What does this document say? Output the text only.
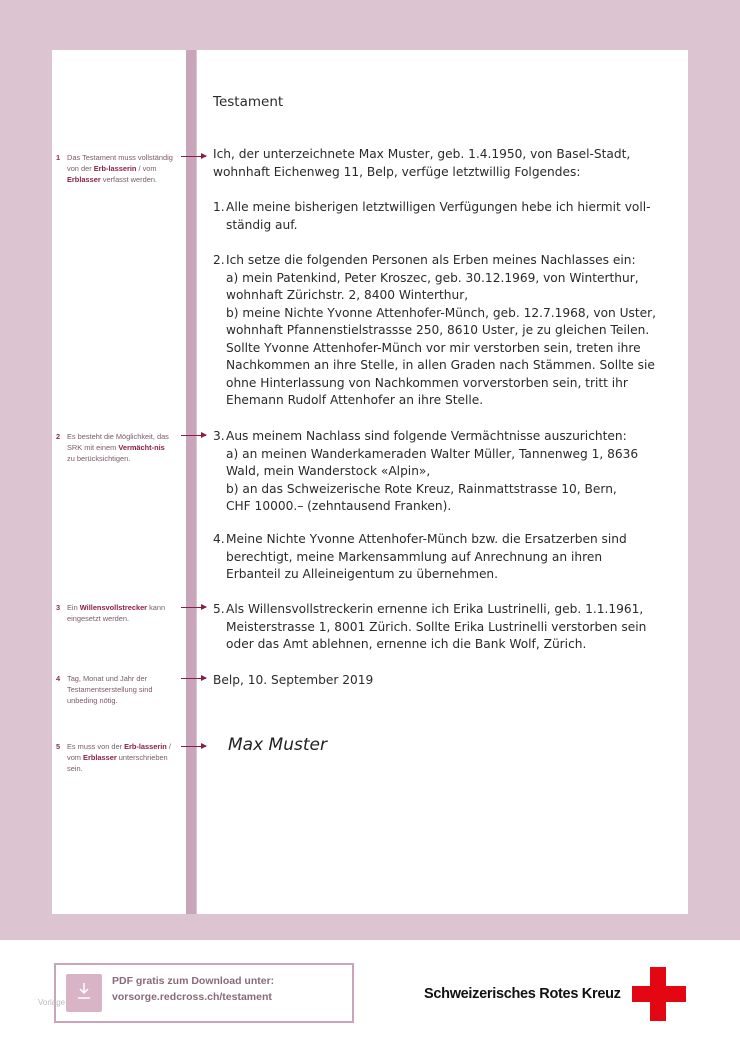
Testament
Ich, der unterzeichnete Max Muster, geb. 1.4.1950, von Basel-Stadt, wohnhaft Eichenweg 11, Belp, verfüge letztwillig Folgendes:
1. Alle meine bisherigen letztwilligen Verfügungen hebe ich hiermit voll-
ständig auf.
2. Ich setze die folgenden Personen als Erben meines Nachlasses ein:
a) mein Patenkind, Peter Kroszec, geb. 30.12.1969, von Winterthur,
wohnhaft Zürichstr. 2, 8400 Winterthur,
b) meine Nichte Yvonne Attenhofer-Münch, geb. 12.7.1968, von Uster,
wohnhaft Pfannenstielstrassse 250, 8610 Uster, je zu gleichen Teilen.
Sollte Yvonne Attenhofer-Münch vor mir verstorben sein, treten ihre
Nachkommen an ihre Stelle, in allen Graden nach Stämmen. Sollte sie
ohne Hinterlassung von Nachkommen vorverstorben sein, tritt ihr
Ehemann Rudolf Attenhofer an ihre Stelle.
3. Aus meinem Nachlass sind folgende Vermächtnisse auszurichten:
a) an meinen Wanderkameraden Walter Müller, Tannenweg 1, 8636
Wald, mein Wanderstock «Alpin»,
b) an das Schweizerische Rote Kreuz, Rainmattstrasse 10, Bern,
CHF 10000.– (zehntausend Franken).
4. Meine Nichte Yvonne Attenhofer-Münch bzw. die Ersatzerben sind
berechtigt, meine Markensammlung auf Anrechnung an ihren
Erbanteil zu Alleineigentum zu übernehmen.
5. Als Willensvollstreckerin ernenne ich Erika Lustrinelli, geb. 1.1.1961,
Meisterstrasse 1, 8001 Zürich. Sollte Erika Lustrinelli verstorben sein
oder das Amt ablehnen, ernenne ich die Bank Wolf, Zürich.
Belp, 10. September 2019
Max Muster
1 Das Testament muss vollständig von der Erb-lasserin / vom Erblasser verfasst werden.
2 Es besteht die Möglichkeit, das SRK mit einem Vermächt-nis zu berücksichtigen.
3 Ein Willensvollstrecker kann eingesetzt werden.
4 Tag, Monat und Jahr der Testamentserstellung sind unbeding nötig.
5 Es muss von der Erb-lasserin / vom Erblasser unterschrieben sein.
PDF gratis zum Download unter:
vorsorge.redcross.ch/testament
Vorlage
Schweizerisches Rotes Kreuz
